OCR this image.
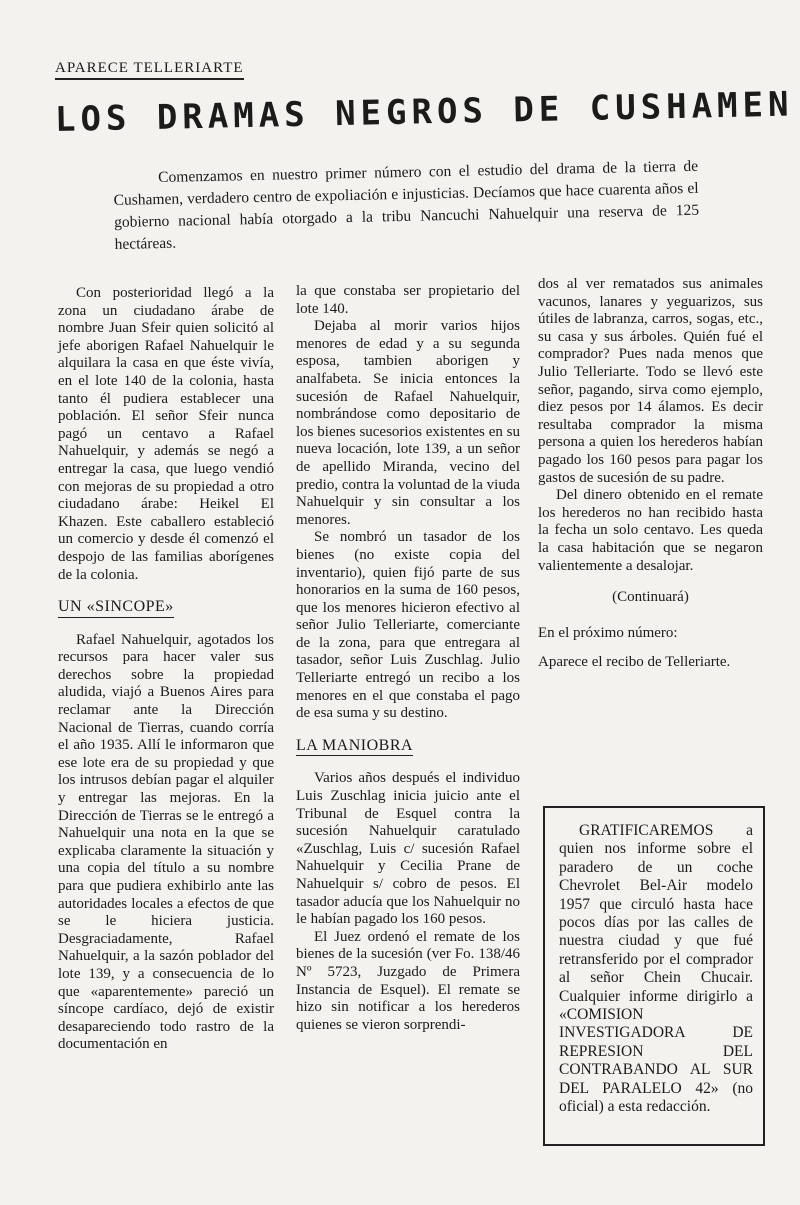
APARECE TELLERIARTE
LOS DRAMAS NEGROS DE CUSHAMEN
Comenzamos en nuestro primer número con el estudio del drama de la tierra de Cushamen, verdadero centro de expoliación e injusticias. Decíamos que hace cuarenta años el gobierno nacional había otorgado a la tribu Nancuchi Nahuelquir una reserva de 125 hectáreas.

Con posterioridad llegó a la zona un ciudadano árabe de nombre Juan Sfeir quien solicitó al jefe aborigen Rafael Nahuelquir le alquilara la casa en que éste vivía, en el lote 140 de la colonia, hasta tanto él pudiera establecer una población. El señor Sfeir nunca pagó un centavo a Rafael Nahuelquir, y además se negó a entregar la casa, que luego vendió con mejoras de su propiedad a otro ciudadano árabe: Heikel El Khazen. Este caballero estableció un comercio y desde él comenzó el despojo de las familias aborígenes de la colonia.

UN «SINCOPE»

Rafael Nahuelquir, agotados los recursos para hacer valer sus derechos sobre la propiedad aludida, viajó a Buenos Aires para reclamar ante la Dirección Nacional de Tierras, cuando corría el año 1935. Allí le informaron que ese lote era de su propiedad y que los intrusos debían pagar el alquiler y entregar las mejoras. En la Dirección de Tierras se le entregó a Nahuelquir una nota en la que se explicaba claramente la situación y una copia del título a su nombre para que pudiera exhibirlo ante las autoridades locales a efectos de que se le hiciera justicia. Desgraciadamente, Rafael Nahuelquir, a la sazón poblador del lote 139, y a consecuencia de lo que «aparentemente» pareció un síncope cardíaco, dejó de existir desapareciendo todo rastro de la documentación en

la que constaba ser propietario del lote 140.

Dejaba al morir varios hijos menores de edad y a su segunda esposa, tambien aborigen y analfabeta. Se inicia entonces la sucesión de Rafael Nahuelquir, nombrándose como depositario de los bienes sucesorios existentes en su nueva locación, lote 139, a un señor de apellido Miranda, vecino del predio, contra la voluntad de la viuda Nahuelquir y sin consultar a los menores.

Se nombró un tasador de los bienes (no existe copia del inventario), quien fijó parte de sus honorarios en la suma de 160 pesos, que los menores hicieron efectivo al señor Julio Telleriarte, comerciante de la zona, para que entregara al tasador, señor Luis Zuschlag. Julio Telleriarte entregó un recibo a los menores en el que constaba el pago de esa suma y su destino.

LA MANIOBRA

Varios años después el individuo Luis Zuschlag inicia juicio ante el Tribunal de Esquel contra la sucesión Nahuelquir caratulado «Zuschlag, Luis c/ sucesión Rafael Nahuelquir y Cecilia Prane de Nahuelquir s/ cobro de pesos. El tasador aducía que los Nahuelquir no le habían pagado los 160 pesos.

El Juez ordenó el remate de los bienes de la sucesión (ver Fo. 138/46 Nº 5723, Juzgado de Primera Instancia de Esquel). El remate se hizo sin notificar a los herederos quienes se vieron sorprendi-

dos al ver rematados sus animales vacunos, lanares y yeguarizos, sus útiles de labranza, carros, sogas, etc., su casa y sus árboles. Quién fué el comprador? Pues nada menos que Julio Telleriarte. Todo se llevó este señor, pagando, sirva como ejemplo, diez pesos por 14 álamos. Es decir resultaba comprador la misma persona a quien los herederos habían pagado los 160 pesos para pagar los gastos de sucesión de su padre.

Del dinero obtenido en el remate los herederos no han recibido hasta la fecha un solo centavo. Les queda la casa habitación que se negaron valientemente a desalojar.

(Continuará)

En el próximo número:

Aparece el recibo de Telleriarte.

GRATIFICAREMOS a quien nos informe sobre el paradero de un coche Chevrolet Bel-Air modelo 1957 que circuló hasta hace pocos días por las calles de nuestra ciudad y que fué retransferido por el comprador al señor Chein Chucair. Cualquier informe dirigirlo a «COMISION INVESTIGADORA DE REPRESION DEL CONTRABANDO AL SUR DEL PARALELO 42» (no oficial) a esta redacción.
